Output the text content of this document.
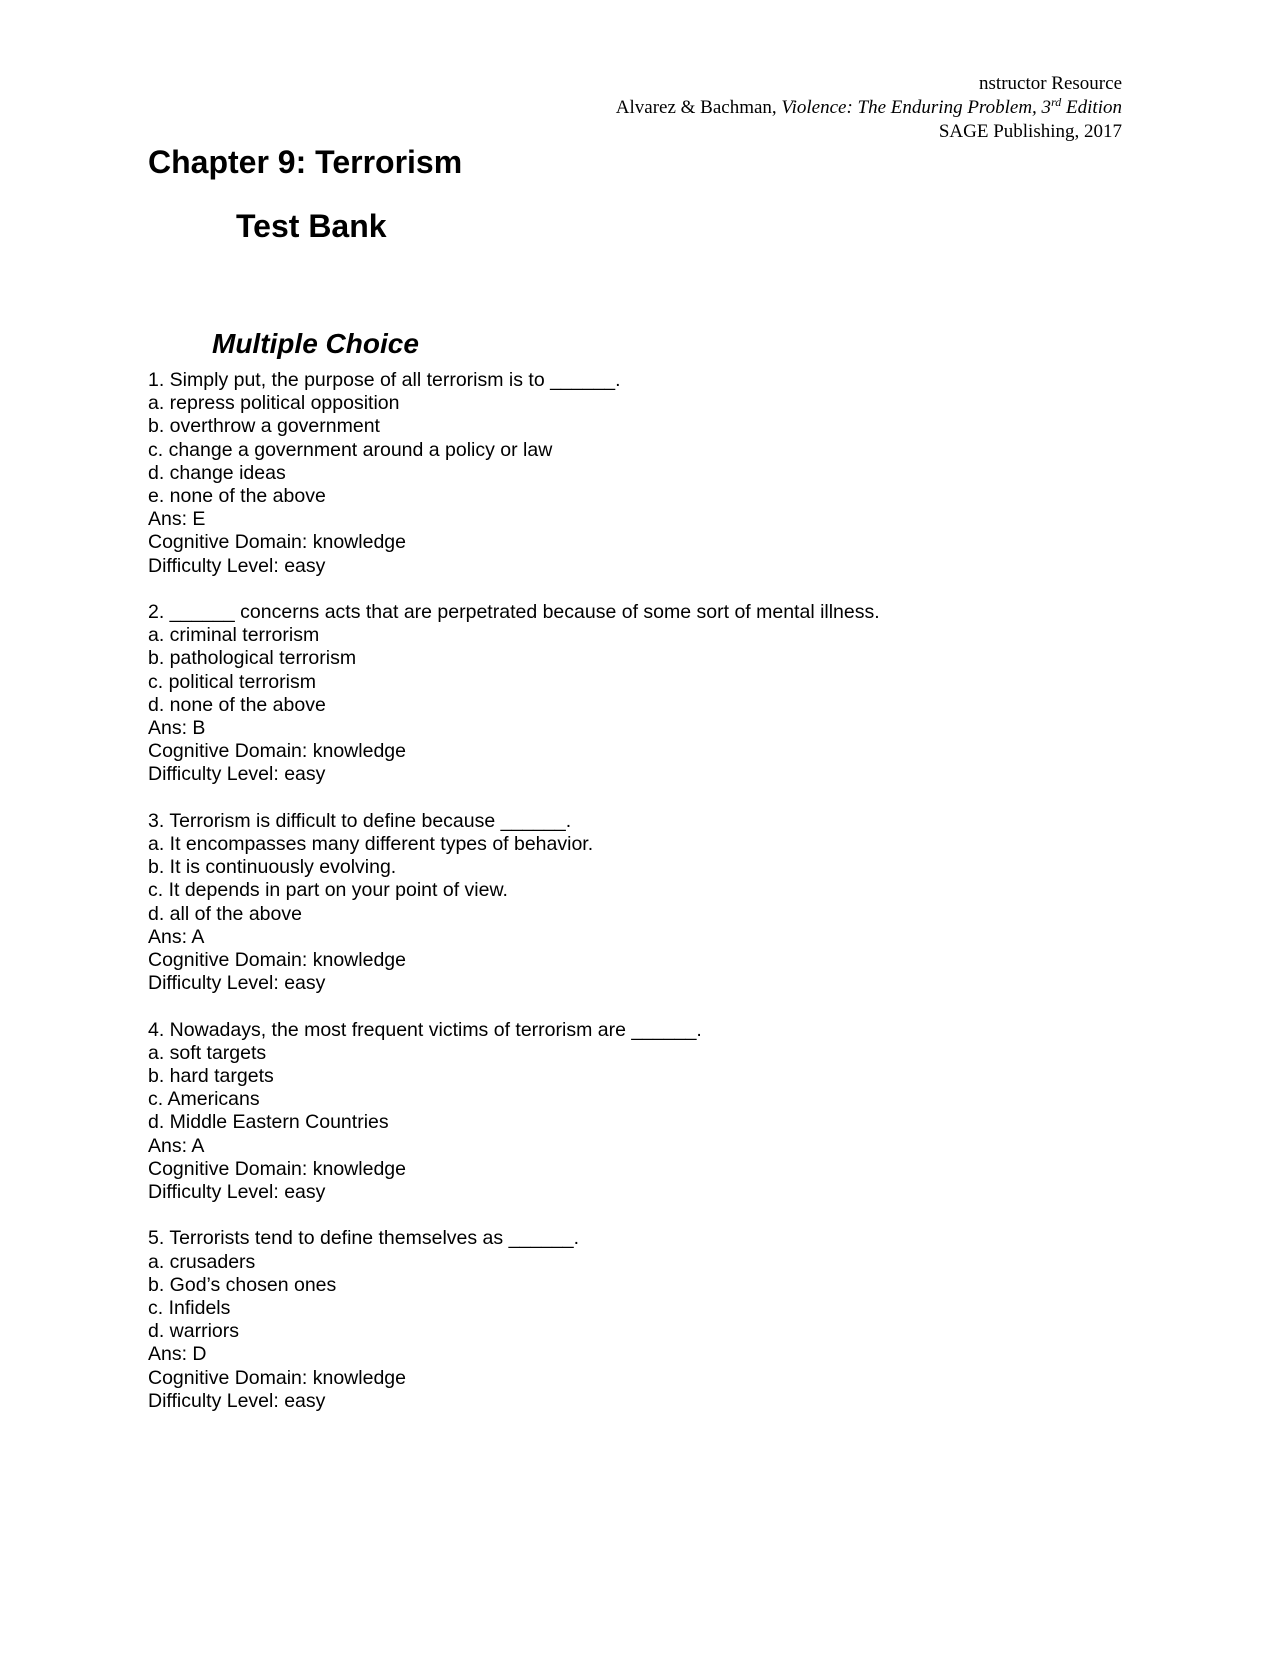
nstructor Resource
Alvarez & Bachman, Violence: The Enduring Problem, 3rd Edition
SAGE Publishing, 2017
Chapter 9: Terrorism
Test Bank
Multiple Choice
1. Simply put, the purpose of all terrorism is to ______.
a. repress political opposition
b. overthrow a government
c. change a government around a policy or law
d. change ideas
e. none of the above
Ans: E
Cognitive Domain: knowledge
Difficulty Level: easy
2. ______ concerns acts that are perpetrated because of some sort of mental illness.
a. criminal terrorism
b. pathological terrorism
c. political terrorism
d. none of the above
Ans: B
Cognitive Domain: knowledge
Difficulty Level: easy
3. Terrorism is difficult to define because ______.
a. It encompasses many different types of behavior.
b. It is continuously evolving.
c. It depends in part on your point of view.
d. all of the above
Ans: A
Cognitive Domain: knowledge
Difficulty Level: easy
4. Nowadays, the most frequent victims of terrorism are ______.
a. soft targets
b. hard targets
c. Americans
d. Middle Eastern Countries
Ans: A
Cognitive Domain: knowledge
Difficulty Level: easy
5. Terrorists tend to define themselves as ______.
a. crusaders
b. God’s chosen ones
c. Infidels
d. warriors
Ans: D
Cognitive Domain: knowledge
Difficulty Level: easy
